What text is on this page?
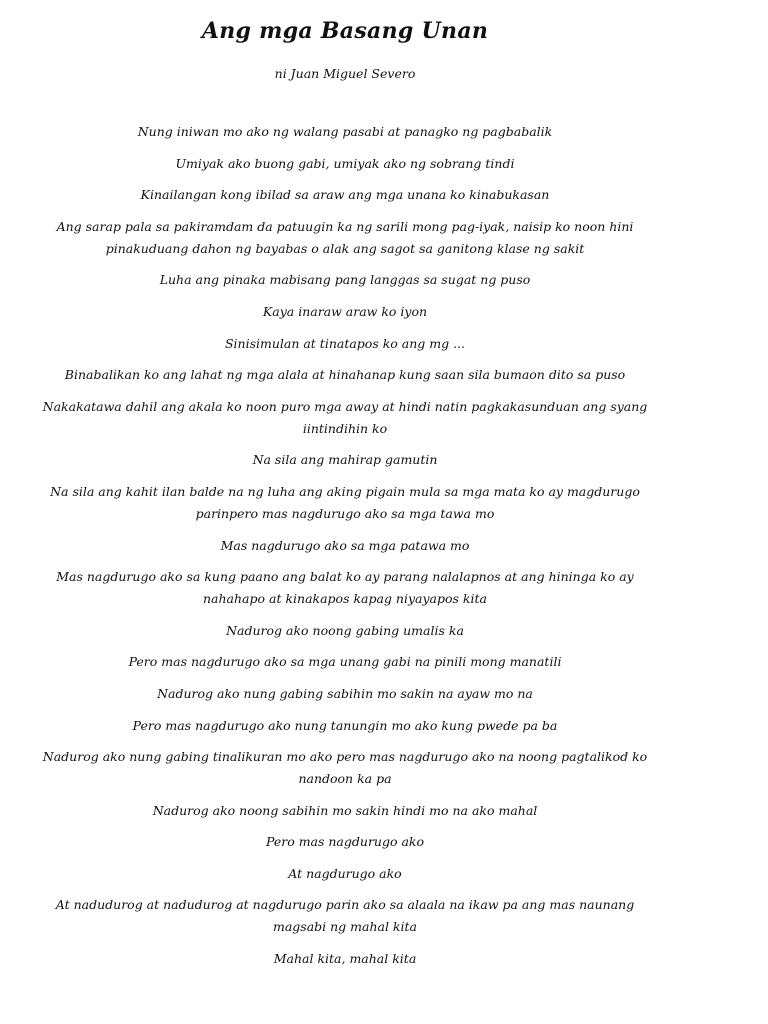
Ang mga Basang Unan
ni Juan Miguel Severo

Nung iniwan mo ako ng walang pasabi at panagko ng pagbabalik

Umiyak ako buong gabi, umiyak ako ng sobrang tindi

Kinailangan kong ibilad sa araw ang mga unana ko kinabukasan

Ang sarap pala sa pakiramdam da patuugin ka ng sarili mong pag-iyak, naisip ko noon hini pinakuduang dahon ng bayabas o alak ang sagot sa ganitong klase ng sakit

Luha ang pinaka mabisang pang langgas sa sugat ng puso

Kaya inaraw araw ko iyon

Sinisimulan at tinatapos ko ang mg ...

Binabalikan ko ang lahat ng mga alala at hinahanap kung saan sila bumaon dito sa puso

Nakakatawa dahil ang akala ko noon puro mga away at hindi natin pagkakasunduan ang syang iintindihin ko

Na sila ang mahirap gamutin

Na sila ang kahit ilan balde na ng luha ang aking pigain mula sa mga mata ko ay magdurugo parinpero mas nagdurugo ako sa mga tawa mo

Mas nagdurugo ako sa mga patawa mo

Mas nagdurugo ako sa kung paano ang balat ko ay parang nalalapnos at ang hininga ko ay nahahapo at kinakapos kapag niyayapos kita

Nadurog ako noong gabing umalis ka

Pero mas nagdurugo ako sa mga unang gabi na pinili mong manatili

Nadurog ako nung gabing sabihin mo sakin na ayaw mo na

Pero mas nagdurugo ako nung tanungin mo ako kung pwede pa ba

Nadurog ako nung gabing tinalikuran mo ako pero mas nagdurugo ako na noong pagtalikod ko nandoon ka pa

Nadurog ako noong sabihin mo sakin hindi mo na ako mahal

Pero mas nagdurugo ako

At nagdurugo ako

At nadudurog at nadudurog at nagdurugo parin ako sa alaala na ikaw pa ang mas naunang magsabi ng mahal kita

Mahal kita, mahal kita
